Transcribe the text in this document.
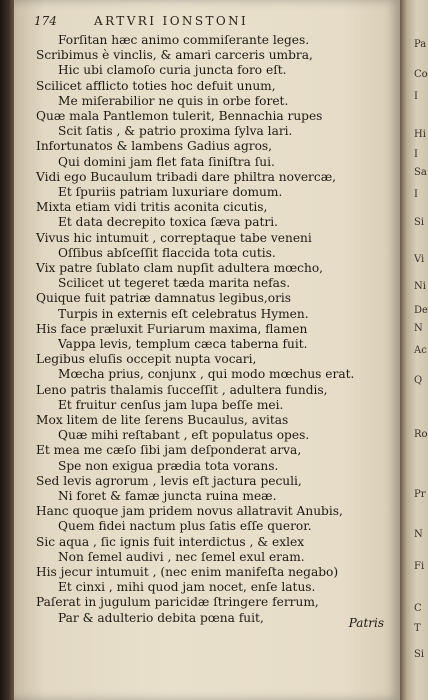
174	ARTVRI IONSTONI
Forſitan hæc animo commiſerante leges.
Scribimus è vinclis, & amari carceris umbra,
Hic ubi clamoſo curia juncta foro eſt.
Scilicet afflicto toties hoc defuit unum,
Me miſerabilior ne quis in orbe foret.
Quæ mala Pantlemon tulerit, Bennachia rupes
Scit ſatis , & patrio proxima ſylva lari.
Infortunatos & lambens Gadius agros,
Qui domini jam flet fata ſiniſtra ſui.
Vidi ego Bucaulum tribadi dare philtra novercæ,
Et ſpuriis patriam luxuriare domum.
Mixta etiam vidi tritis aconita cicutis,
Et data decrepito toxica ſæva patri.
Vivus hic intumuit , correptaque tabe veneni
Oſſibus abſceſſit flaccida tota cutis.
Vix patre ſublato clam nupſit adultera mœcho,
Scilicet ut tegeret tæda marita nefas.
Quique fuit patriæ damnatus legibus,oris
Turpis in externis eſt celebratus Hymen.
His face præluxit Furiarum maxima, flamen
Vappa levis, templum cæca taberna fuit.
Legibus eluſis occepit nupta vocari,
Mœcha prius, conjunx , qui modo mœchus erat.
Leno patris thalamis ſucceſſit , adultera fundis,
Et fruitur cenſus jam lupa beſſe mei.
Mox litem de lite ſerens Bucaulus, avitas
Quæ mihi reſtabant , eſt populatus opes.
Et mea me cæſo ſibi jam deſponderat arva,
Spe non exigua prædia tota vorans.
Sed levis agrorum , levis eſt jactura peculi,
Ni foret & famæ juncta ruina meæ.
Hanc quoque jam pridem novus allatravit Anubis,
Quem fidei nactum plus ſatis eſſe queror.
Sic aqua , ſic ignis fuit interdictus , & exlex
Non ſemel audivi , nec ſemel exul eram.
His jecur intumuit , (nec enim manifeſta negabo)
Et cinxi , mihi quod jam nocet, enſe latus.
Paſerat in jugulum paricidæ ſtringere ferrum,
Par & adulterio debita pœna fuit,	Patris
Pa
Co
I
Hi
I
Sa
I
Si
Vi
Ni
De
N
Ac
Q
Ro
Pr
N
Fi
C
T
Si
